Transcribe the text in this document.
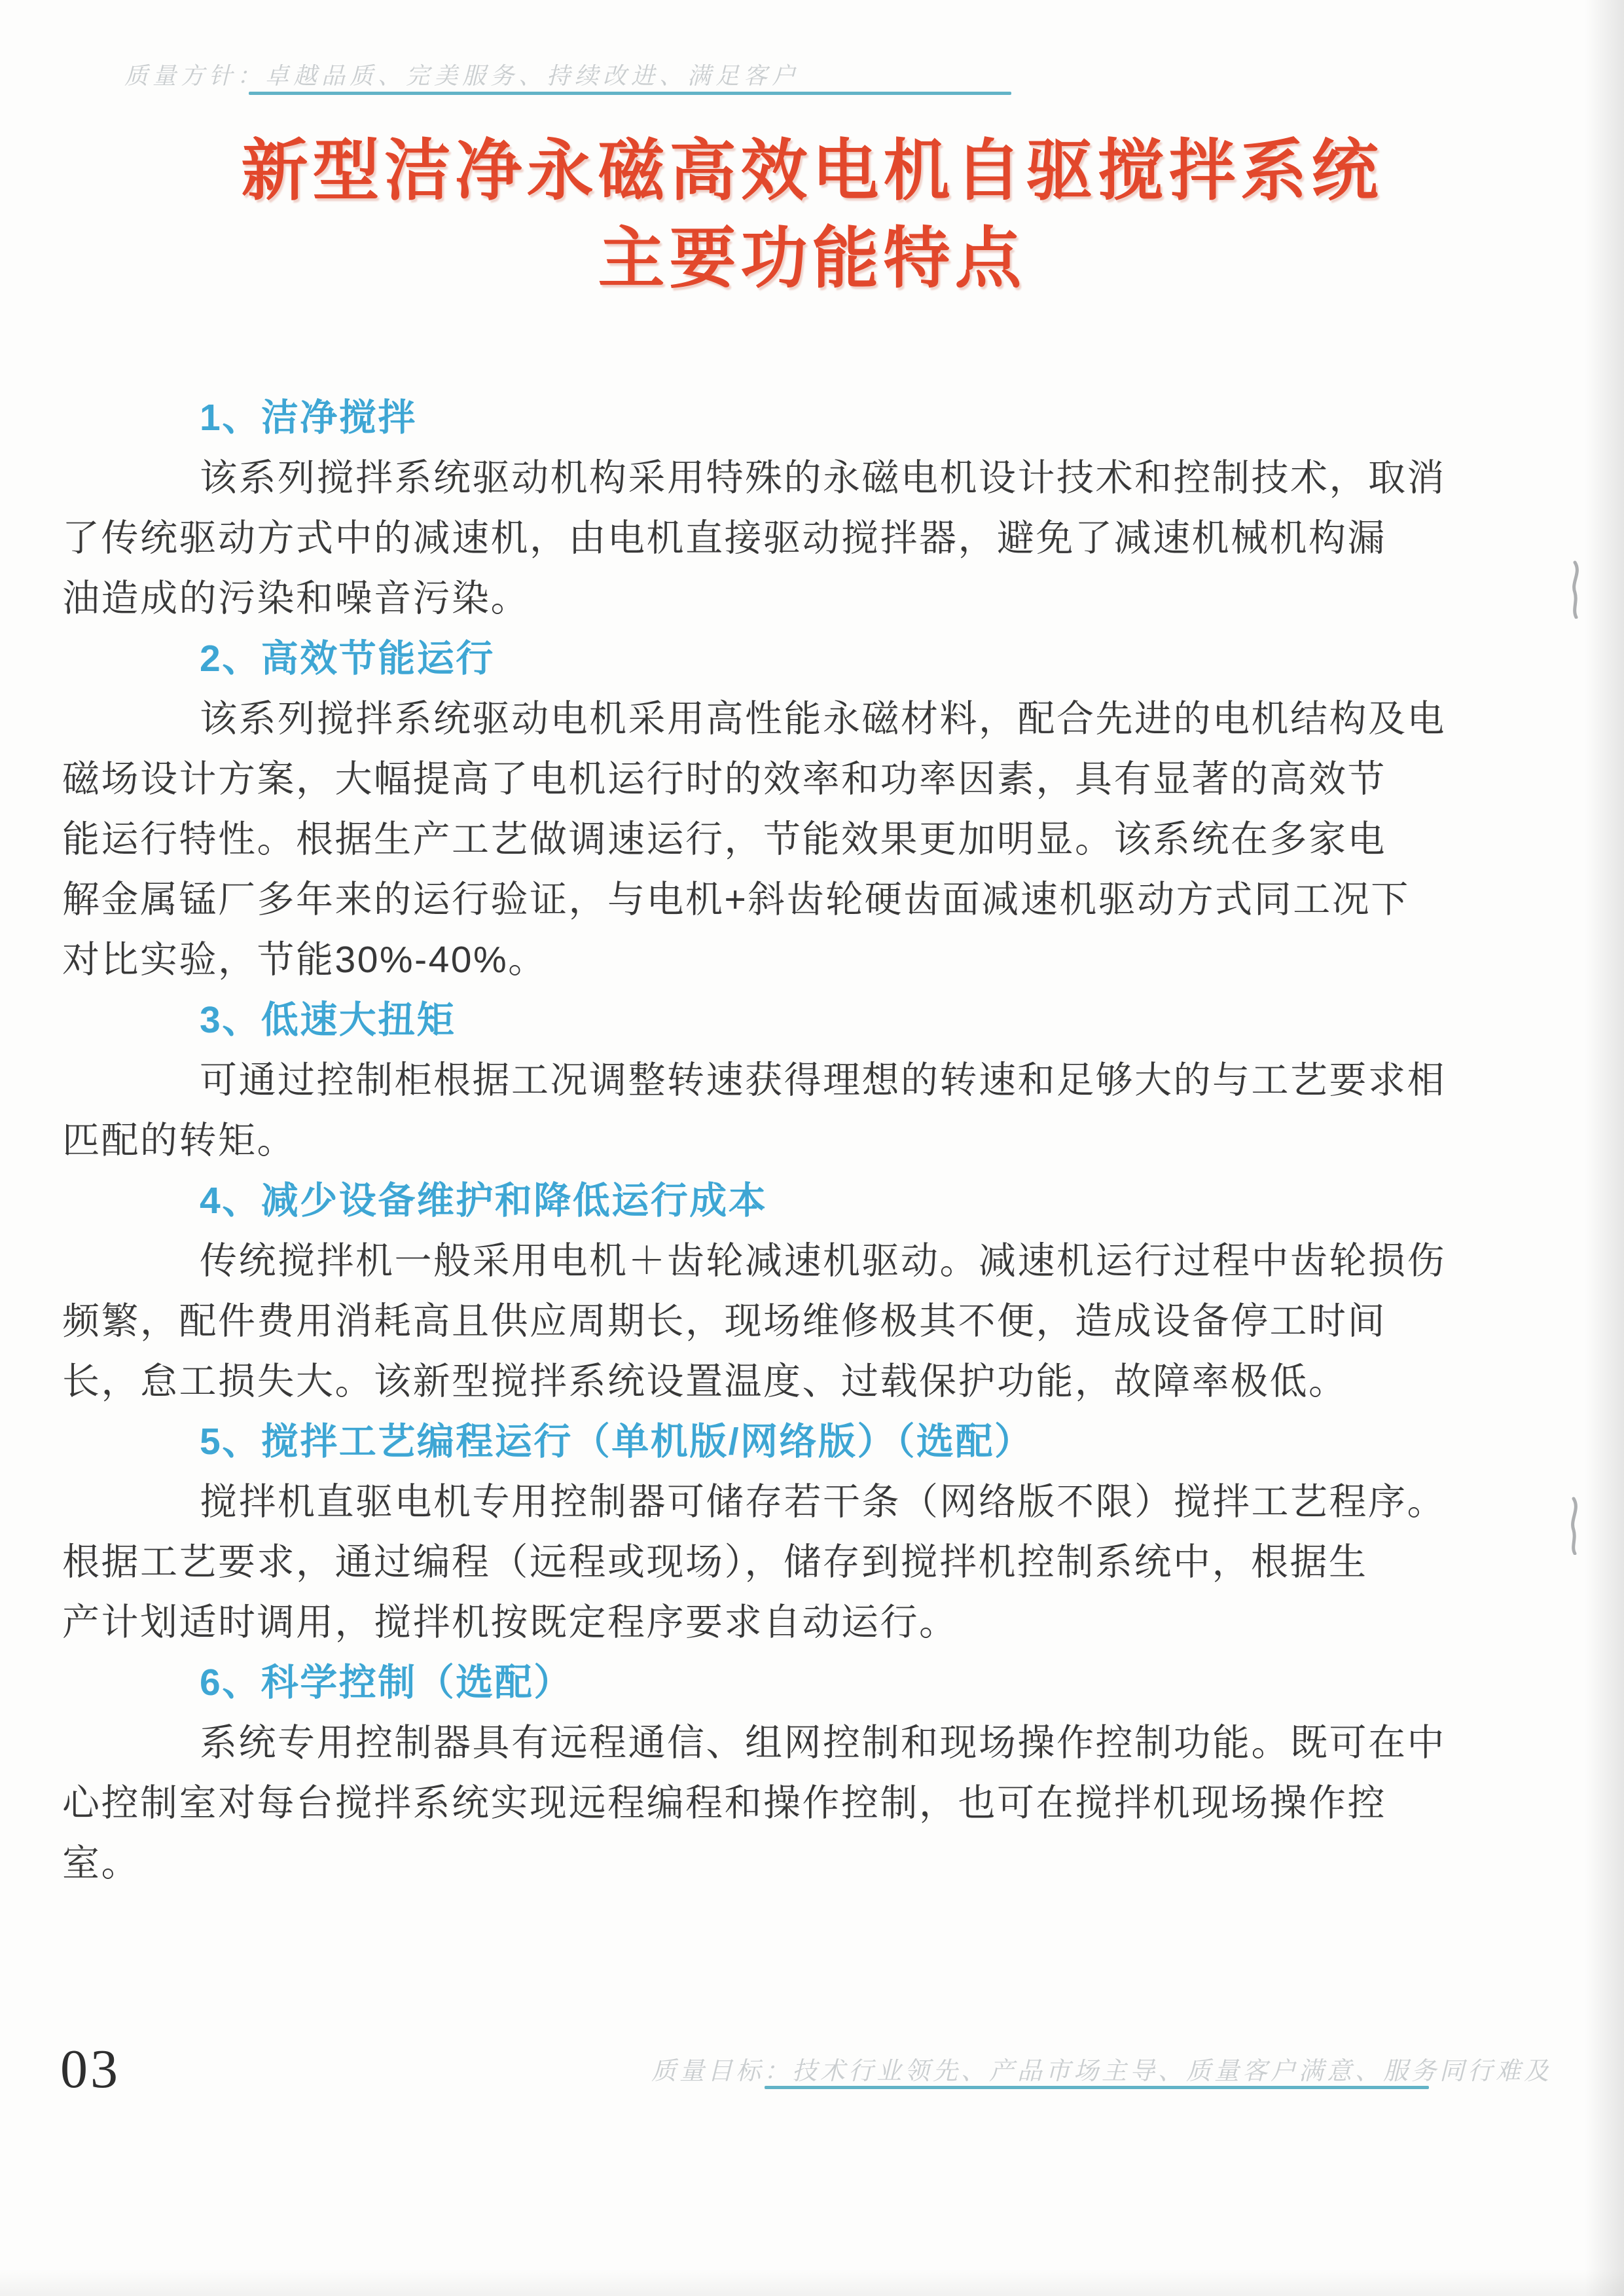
质量方针：卓越品质、完美服务、持续改进、满足客户
新型洁净永磁高效电机自驱搅拌系统
主要功能特点
1、洁净搅拌
该系列搅拌系统驱动机构采用特殊的永磁电机设计技术和控制技术，取消
了传统驱动方式中的减速机，由电机直接驱动搅拌器，避免了减速机械机构漏
油造成的污染和噪音污染。
2、高效节能运行
该系列搅拌系统驱动电机采用高性能永磁材料，配合先进的电机结构及电
磁场设计方案，大幅提高了电机运行时的效率和功率因素，具有显著的高效节
能运行特性。根据生产工艺做调速运行，节能效果更加明显。该系统在多家电
解金属锰厂多年来的运行验证，与电机+斜齿轮硬齿面减速机驱动方式同工况下
对比实验，节能30%-40%。
3、低速大扭矩
可通过控制柜根据工况调整转速获得理想的转速和足够大的与工艺要求相
匹配的转矩。
4、减少设备维护和降低运行成本
传统搅拌机一般采用电机＋齿轮减速机驱动。减速机运行过程中齿轮损伤
频繁，配件费用消耗高且供应周期长，现场维修极其不便，造成设备停工时间
长，怠工损失大。该新型搅拌系统设置温度、过载保护功能，故障率极低。
5、搅拌工艺编程运行（单机版/网络版）（选配）
搅拌机直驱电机专用控制器可储存若干条（网络版不限）搅拌工艺程序。
根据工艺要求，通过编程（远程或现场），储存到搅拌机控制系统中，根据生
产计划适时调用，搅拌机按既定程序要求自动运行。
6、科学控制（选配）
系统专用控制器具有远程通信、组网控制和现场操作控制功能。既可在中
心控制室对每台搅拌系统实现远程编程和操作控制，也可在搅拌机现场操作控
室。
03	质量目标：技术行业领先、产品市场主导、质量客户满意、服务同行难及
